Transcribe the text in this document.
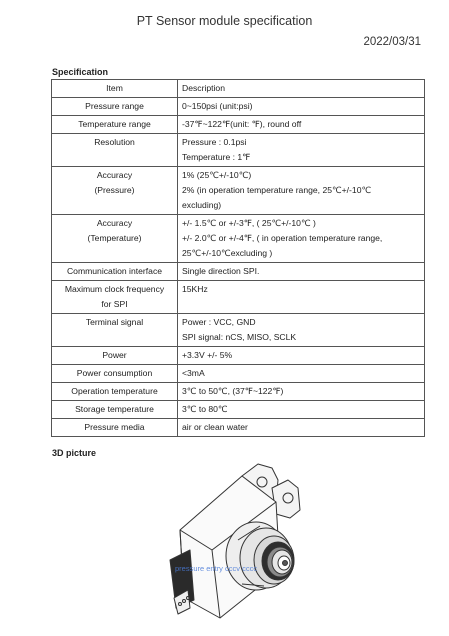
PT Sensor module specification
2022/03/31
Specification
Item	Description

Pressure range	0~150psi (unit:psi)

Temperature range	-37℉~122℉(unit: ℉), round off

Resolution	Pressure : 0.1psi
Temperature : 1℉

Accuracy
(Pressure)	1% (25℃+/-10℃)
2% (in operation temperature range, 25℃+/-10℃
excluding)

Accuracy
(Temperature)	+/- 1.5℃ or +/-3℉, ( 25℃+/-10℃ )
+/- 2.0℃ or +/-4℉, ( in operation temperature range,
25℃+/-10℃excluding )

Communication interface	Single direction SPI.

Maximum clock frequency
for SPI	15KHz

Terminal signal	Power : VCC, GND
SPI signal: nCS, MISO, SCLK

Power	+3.3V +/- 5%

Power consumption	<3mA

Operation temperature	3℃ to 50℃, (37℉~122℉)

Storage temperature	3℃ to 80℃

Pressure media	air or clean water
3D picture
pressure entry cccv cccc
